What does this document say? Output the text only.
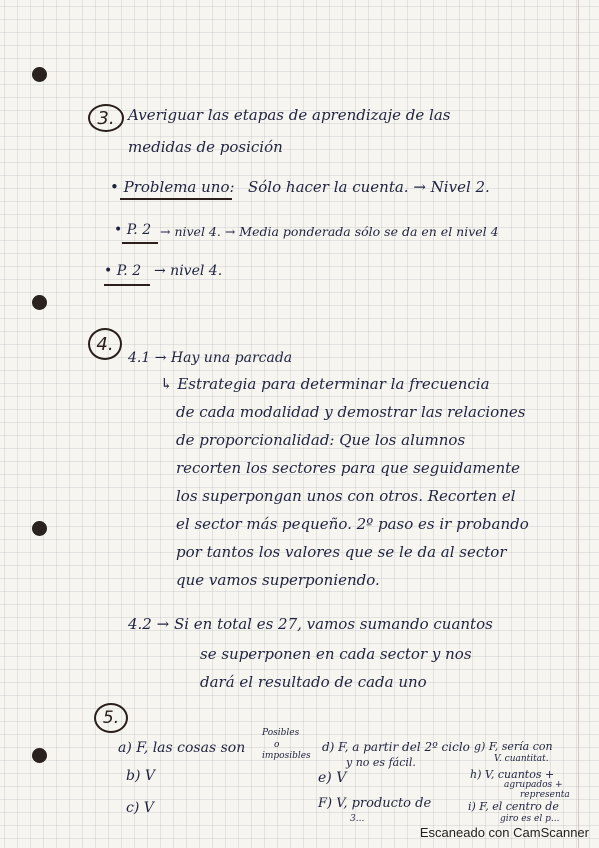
3. Averiguar las etapas de aprendizaje de las
medidas de posición
• Problema uno: Sólo hacer la cuenta. → Nivel 2.
• P. 2 → nivel 4. → Media ponderada sólo se da en el nivel 4
• P. 2 → nivel 4.
4.
4.1 → Hay una parcada
↳ Estrategia para determinar la frecuencia
de cada modalidad y demostrar las relaciones
de proporcionalidad: Que los alumnos
recorten los sectores para que seguidamente
los superpongan unos con otros. Recorten el
el sector más pequeño. 2º paso es ir probando
por tantos los valores que se le da al sector
que vamos superponiendo.
4.2 → Si en total es 27, vamos sumando cuantos
se superponen en cada sector y nos
dará el resultado de cada uno
5.
a) F, las cosas son
Posibles
o
imposibles
b) V
c) V
d) F, a partir del 2º ciclo
y no es fácil.
e) V
F) V, producto de
3...
g) F, sería con
V. cuantitat.
h) V, cuantos +
agrupados +
representa
i) F, el centro de
giro es el p...
Escaneado con CamScanner
